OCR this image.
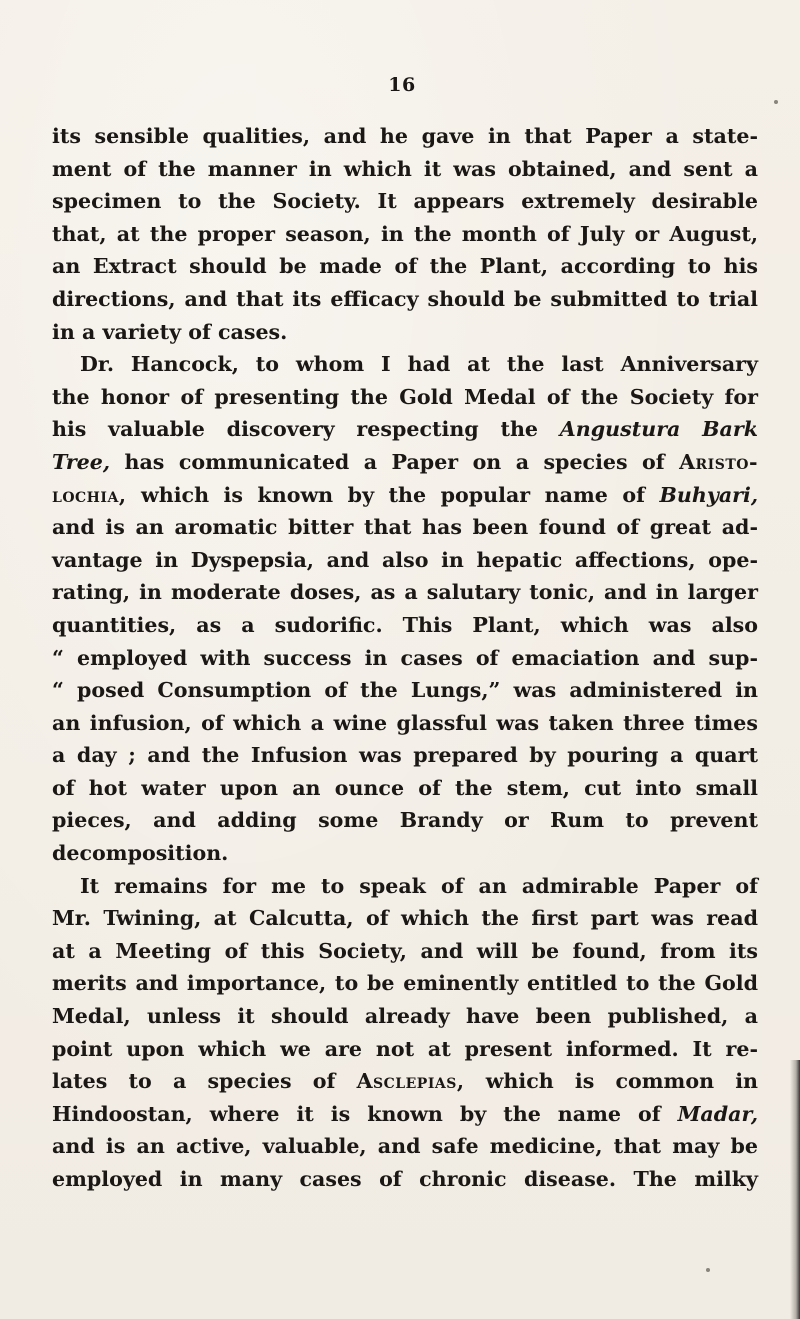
16
its sensible qualities, and he gave in that Paper a state-
ment of the manner in which it was obtained, and sent a
specimen to the Society. It appears extremely desirable
that, at the proper season, in the month of July or August,
an Extract should be made of the Plant, according to his
directions, and that its efficacy should be submitted to trial
in a variety of cases.
Dr. Hancock, to whom I had at the last Anniversary
the honor of presenting the Gold Medal of the Society for
his valuable discovery respecting the Angustura Bark
Tree, has communicated a Paper on a species of Aristo-
lochia, which is known by the popular name of Buhyari,
and is an aromatic bitter that has been found of great ad-
vantage in Dyspepsia, and also in hepatic affections, ope-
rating, in moderate doses, as a salutary tonic, and in larger
quantities, as a sudorific. This Plant, which was also
“ employed with success in cases of emaciation and sup-
“ posed Consumption of the Lungs,” was administered in
an infusion, of which a wine glassful was taken three times
a day ; and the Infusion was prepared by pouring a quart
of hot water upon an ounce of the stem, cut into small
pieces, and adding some Brandy or Rum to prevent
decomposition.
It remains for me to speak of an admirable Paper of
Mr. Twining, at Calcutta, of which the first part was read
at a Meeting of this Society, and will be found, from its
merits and importance, to be eminently entitled to the Gold
Medal, unless it should already have been published, a
point upon which we are not at present informed. It re-
lates to a species of Asclepias, which is common in
Hindoostan, where it is known by the name of Madar,
and is an active, valuable, and safe medicine, that may be
employed in many cases of chronic disease. The milky
